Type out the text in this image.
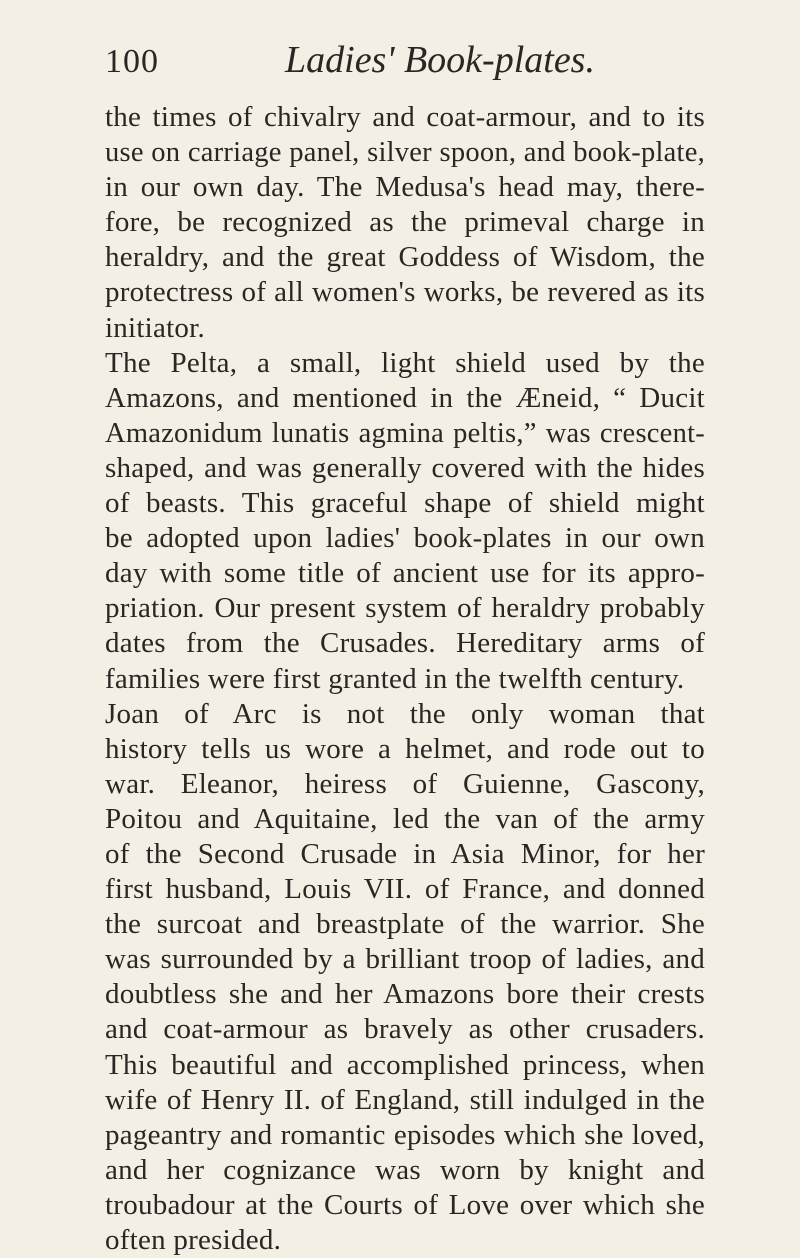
100	Ladies' Book-plates.
the times of chivalry and coat-armour, and to its
use on carriage panel, silver spoon, and book-plate,
in our own day. The Medusa's head may, there-
fore, be recognized as the primeval charge in
heraldry, and the great Goddess of Wisdom, the
protectress of all women's works, be revered as its
initiator.
The Pelta, a small, light shield used by the
Amazons, and mentioned in the Æneid, “ Ducit
Amazonidum lunatis agmina peltis,” was crescent-
shaped, and was generally covered with the hides
of beasts. This graceful shape of shield might
be adopted upon ladies' book-plates in our own
day with some title of ancient use for its appro-
priation. Our present system of heraldry probably
dates from the Crusades. Hereditary arms of
families were first granted in the twelfth century.
Joan of Arc is not the only woman that
history tells us wore a helmet, and rode out to
war. Eleanor, heiress of Guienne, Gascony,
Poitou and Aquitaine, led the van of the army
of the Second Crusade in Asia Minor, for her
first husband, Louis VII. of France, and donned
the surcoat and breastplate of the warrior. She
was surrounded by a brilliant troop of ladies, and
doubtless she and her Amazons bore their crests
and coat-armour as bravely as other crusaders.
This beautiful and accomplished princess, when
wife of Henry II. of England, still indulged in the
pageantry and romantic episodes which she loved,
and her cognizance was worn by knight and
troubadour at the Courts of Love over which she
often presided.
